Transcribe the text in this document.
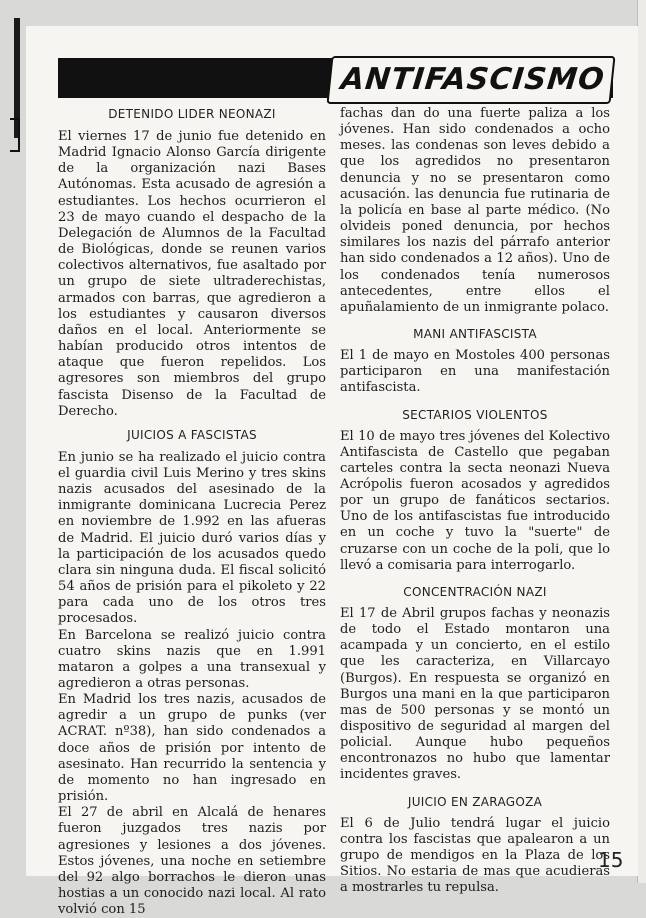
ANTIFASCISMO
DETENIDO LIDER NEONAZI

El viernes 17 de junio fue detenido en Madrid Ignacio Alonso García dirigente de la organización nazi Bases Autónomas. Esta acusado de agresión a estudiantes. Los hechos ocurrieron el 23 de mayo cuando el despacho de la Delegación de Alumnos de la Facultad de Biológicas, donde se reunen varios colectivos alternativos, fue asaltado por un grupo de siete ultraderechistas, armados con barras, que agredieron a los estudiantes y causaron diversos daños en el local. Anteriormente se habían producido otros intentos de ataque que fueron repelidos. Los agresores son miembros del grupo fascista Disenso de la Facultad de Derecho.

JUICIOS A FASCISTAS

En junio se ha realizado el juicio contra el guardia civil Luis Merino y tres skins nazis acusados del asesinado de la inmigrante dominicana Lucrecia Perez en noviembre de 1.992 en las afueras de Madrid. El juicio duró varios días y la participación de los acusados quedo clara sin ninguna duda. El fiscal solicitó 54 años de prisión para el pikoleto y 22 para cada uno de los otros tres procesados.

En Barcelona se realizó juicio contra cuatro skins nazis que en 1.991 mataron a golpes a una transexual y agredieron a otras personas.

En Madrid los tres nazis, acusados de agredir a un grupo de punks (ver ACRAT. nº38), han sido condenados a doce años de prisión por intento de asesinato. Han recurrido la sentencia y de momento no han ingresado en prisión.

El 27 de abril en Alcalá de henares fueron juzgados tres nazis por agresiones y lesiones a dos jóvenes. Estos jóvenes, una noche en setiembre del 92 algo borrachos le dieron unas hostias a un conocido nazi local. Al rato volvió con 15

fachas dan do una fuerte paliza a los jóvenes. Han sido condenados a ocho meses. las condenas son leves debido a que los agredidos no presentaron denuncia y no se presentaron como acusación. las denuncia fue rutinaria de la policía en base al parte médico. (No olvideis poned denuncia, por hechos similares los nazis del párrafo anterior han sido condenados a 12 años). Uno de los condenados tenía numerosos antecedentes, entre ellos el apuñalamiento de un inmigrante polaco.

MANI ANTIFASCISTA

El 1 de mayo en Mostoles 400 personas participaron en una manifestación antifascista.

SECTARIOS VIOLENTOS

El 10 de mayo tres jóvenes del Kolectivo Antifascista de Castello que pegaban carteles contra la secta neonazi Nueva Acrópolis fueron acosados y agredidos por un grupo de fanáticos sectarios. Uno de los antifascistas fue introducido en un coche y tuvo la "suerte" de cruzarse con un coche de la poli, que lo llevó a comisaria para interrogarlo.

CONCENTRACIÓN NAZI

El 17 de Abril grupos fachas y neonazis de todo el Estado montaron una acampada y un concierto, en el estilo que les caracteriza, en Villarcayo (Burgos). En respuesta se organizó en Burgos una mani en la que participaron mas de 500 personas y se montó un dispositivo de seguridad al margen del policial. Aunque hubo pequeños encontronazos no hubo que lamentar incidentes graves.

JUICIO EN ZARAGOZA

El 6 de Julio tendrá lugar el juicio contra los fascistas que apalearon a un grupo de mendigos en la Plaza de los Sitios. No estaria de mas que acudieras a mostrarles tu repulsa.

15
